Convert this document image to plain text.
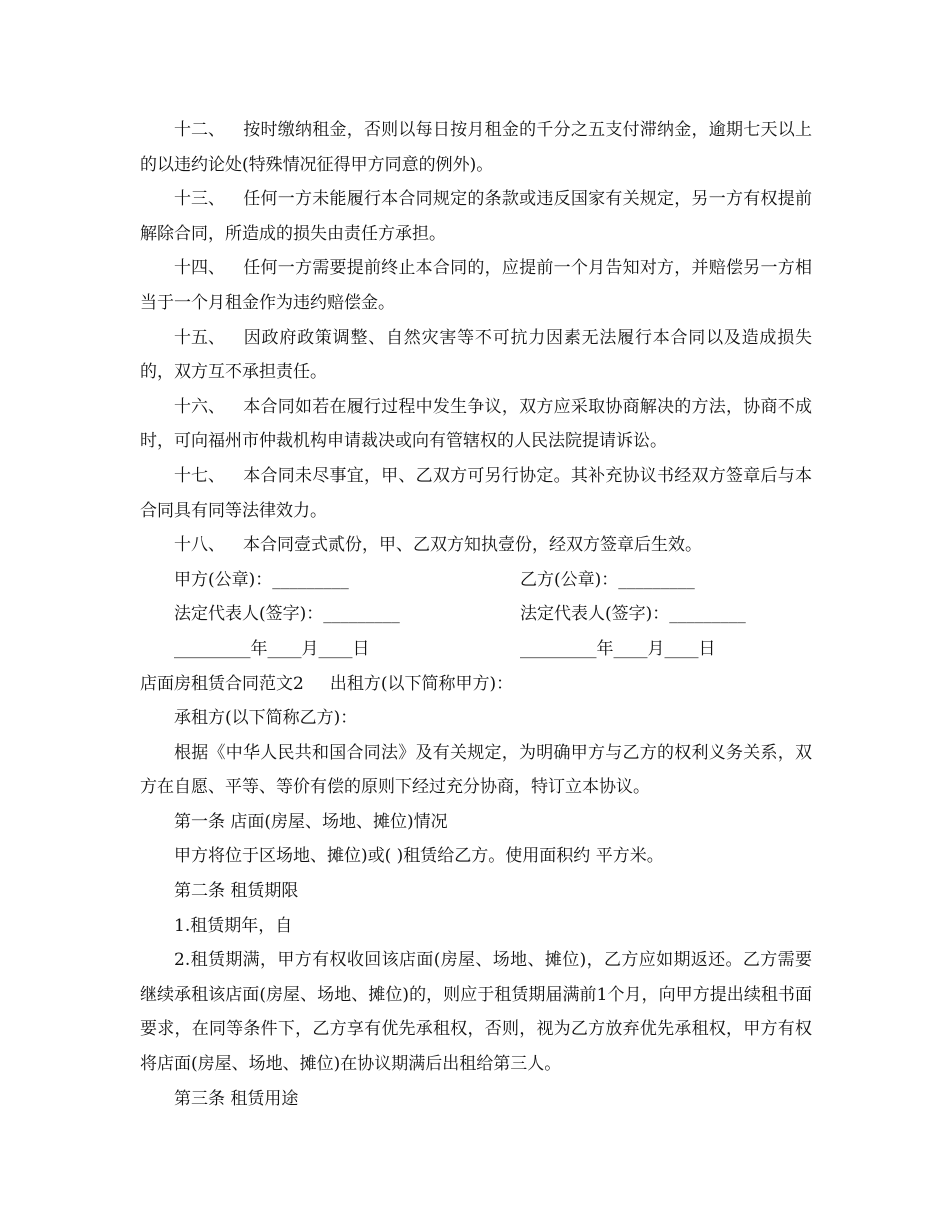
十二、 按时缴纳租金，否则以每日按月租金的千分之五支付滞纳金，逾期七天以上的以违约论处(特殊情况征得甲方同意的例外)。

十三、 任何一方未能履行本合同规定的条款或违反国家有关规定，另一方有权提前解除合同，所造成的损失由责任方承担。

十四、 任何一方需要提前终止本合同的，应提前一个月告知对方，并赔偿另一方相当于一个月租金作为违约赔偿金。

十五、 因政府政策调整、自然灾害等不可抗力因素无法履行本合同以及造成损失的，双方互不承担责任。

十六、 本合同如若在履行过程中发生争议，双方应采取协商解决的方法，协商不成时，可向福州市仲裁机构申请裁决或向有管辖权的人民法院提请诉讼。

十七、 本合同未尽事宜，甲、乙双方可另行协定。其补充协议书经双方签章后与本合同具有同等法律效力。

十八、 本合同壹式贰份，甲、乙双方知执壹份，经双方签章后生效。

甲方(公章)：_________	乙方(公章)：_________
法定代表人(签字)：_________	法定代表人(签字)：_________
_________年____月____日	_________年____月____日

店面房租赁合同范文2 出租方(以下简称甲方)：

承租方(以下简称乙方)：

根据《中华人民共和国合同法》及有关规定，为明确甲方与乙方的权利义务关系，双方在自愿、平等、等价有偿的原则下经过充分协商，特订立本协议。

第一条 店面(房屋、场地、摊位)情况

甲方将位于区场地、摊位)或( )租赁给乙方。使用面积约 平方米。

第二条 租赁期限

1.租赁期年，自

2.租赁期满，甲方有权收回该店面(房屋、场地、摊位)，乙方应如期返还。乙方需要继续承租该店面(房屋、场地、摊位)的，则应于租赁期届满前1个月，向甲方提出续租书面要求，在同等条件下，乙方享有优先承租权，否则，视为乙方放弃优先承租权，甲方有权将店面(房屋、场地、摊位)在协议期满后出租给第三人。

第三条 租赁用途
